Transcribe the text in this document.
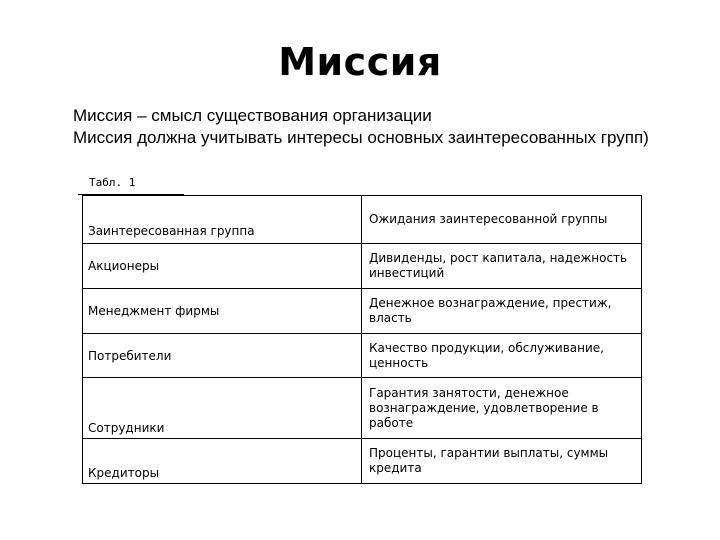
Миссия
Миссия – смысл существования организации
Миссия должна учитывать интересы основных заинтересованных групп)
Табл. 1
Заинтересованная группа	Ожидания заинтересованной группы
Акционеры	Дивиденды, рост капитала, надежность инвестиций
Менеджмент фирмы	Денежное вознаграждение, престиж, власть
Потребители	Качество продукции, обслуживание, ценность
Сотрудники	Гарантия занятости, денежное вознаграждение, удовлетворение в работе
Кредиторы	Проценты, гарантии выплаты, суммы кредита
